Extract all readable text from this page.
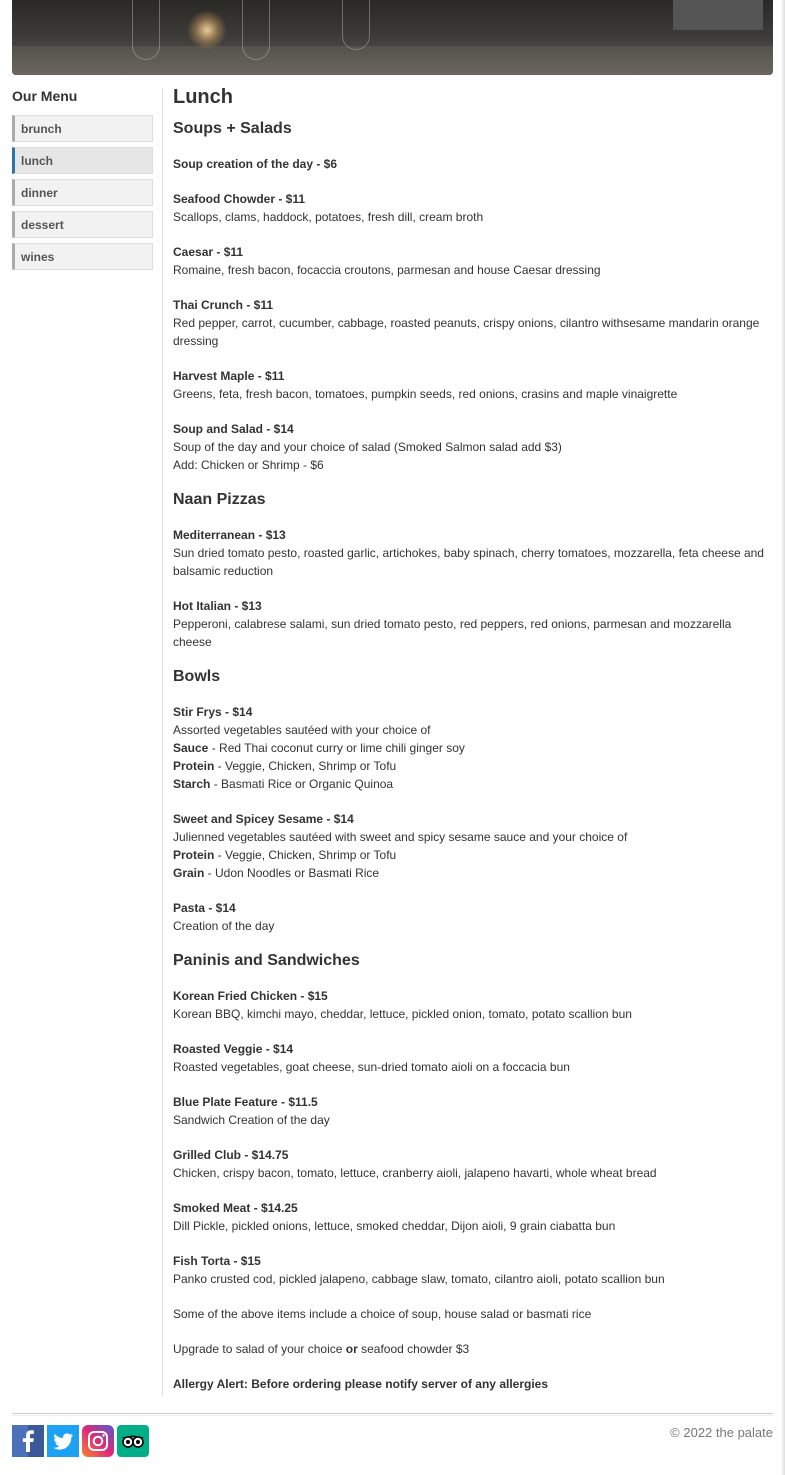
Our Menu
brunch
lunch
dinner
dessert
wines
Lunch
Soups + Salads
Soup creation of the day - $6
Seafood Chowder - $11
Scallops, clams, haddock, potatoes, fresh dill, cream broth
Caesar - $11
Romaine, fresh bacon, focaccia croutons, parmesan and house Caesar dressing
Thai Crunch - $11
Red pepper, carrot, cucumber, cabbage, roasted peanuts, crispy onions, cilantro withsesame mandarin orange dressing
Harvest Maple - $11
Greens, feta, fresh bacon, tomatoes, pumpkin seeds, red onions, crasins and maple vinaigrette
Soup and Salad - $14
Soup of the day and your choice of salad (Smoked Salmon salad add $3)
Add: Chicken or Shrimp - $6
Naan Pizzas
Mediterranean - $13
Sun dried tomato pesto, roasted garlic, artichokes, baby spinach, cherry tomatoes, mozzarella, feta cheese and balsamic reduction
Hot Italian - $13
Pepperoni, calabrese salami, sun dried tomato pesto, red peppers, red onions, parmesan and mozzarella cheese
Bowls
Stir Frys - $14
Assorted vegetables sautéed with your choice of
Sauce - Red Thai coconut curry or lime chili ginger soy
Protein - Veggie, Chicken, Shrimp or Tofu
Starch - Basmati Rice or Organic Quinoa
Sweet and Spicey Sesame - $14
Julienned vegetables sautéed with sweet and spicy sesame sauce and your choice of
Protein - Veggie, Chicken, Shrimp or Tofu
Grain - Udon Noodles or Basmati Rice
Pasta - $14
Creation of the day
Paninis and Sandwiches
Korean Fried Chicken - $15
Korean BBQ, kimchi mayo, cheddar, lettuce, pickled onion, tomato, potato scallion bun
Roasted Veggie - $14
Roasted vegetables, goat cheese, sun-dried tomato aioli on a foccacia bun
Blue Plate Feature - $11.5
Sandwich Creation of the day
Grilled Club - $14.75
Chicken, crispy bacon, tomato, lettuce, cranberry aioli, jalapeno havarti, whole wheat bread
Smoked Meat - $14.25
Dill Pickle, pickled onions, lettuce, smoked cheddar, Dijon aioli, 9 grain ciabatta bun
Fish Torta - $15
Panko crusted cod, pickled jalapeno, cabbage slaw, tomato, cilantro aioli, potato scallion bun

Some of the above items include a choice of soup, house salad or basmati rice

Upgrade to salad of your choice or seafood chowder $3

Allergy Alert: Before ordering please notify server of any allergies

© 2022 the palate
